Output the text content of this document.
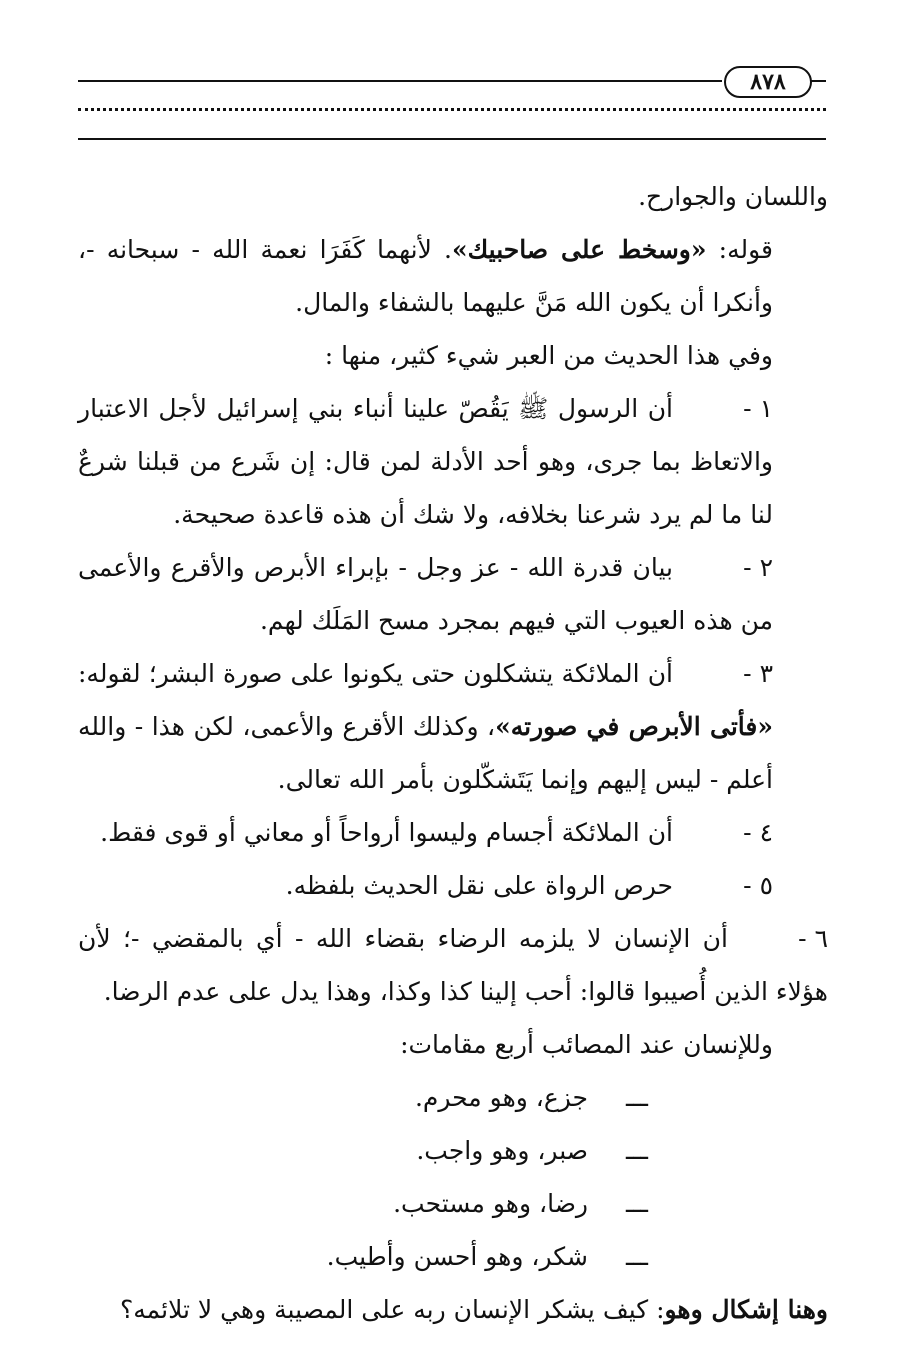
٨٧٨

واللسان والجوارح.

قوله: «وسخط على صاحبيك». لأنهما كَفَرَا نعمة الله - سبحانه -، وأنكرا أن يكون الله مَنَّ عليهما بالشفاء والمال.

وفي هذا الحديث من العبر شيء كثير، منها :

١ -أن الرسول ﷺ يَقُصّ علينا أنباء بني إسرائيل لأجل الاعتبار والاتعاظ بما جرى، وهو أحد الأدلة لمن قال: إن شَرع من قبلنا شرعٌ لنا ما لم يرد شرعنا بخلافه، ولا شك أن هذه قاعدة صحيحة.

٢ -بيان قدرة الله - عز وجل - بإبراء الأبرص والأقرع والأعمى من هذه العيوب التي فيهم بمجرد مسح المَلَك لهم.

٣ -أن الملائكة يتشكلون حتى يكونوا على صورة البشر؛ لقوله: «فأتى الأبرص في صورته»، وكذلك الأقرع والأعمى، لكن هذا - والله أعلم - ليس إليهم وإنما يَتَشكّلون بأمر الله تعالى.

٤ -أن الملائكة أجسام وليسوا أرواحاً أو معاني أو قوى فقط.

٥ -حرص الرواة على نقل الحديث بلفظه.

٦ -أن الإنسان لا يلزمه الرضاء بقضاء الله - أي بالمقضي -؛ لأن هؤلاء الذين أُصيبوا قالوا: أحب إلينا كذا وكذا، وهذا يدل على عدم الرضا.

وللإنسان عند المصائب أربع مقامات:

ـــجزع، وهو محرم.

ـــصبر، وهو واجب.

ـــرضا، وهو مستحب.

ـــشكر، وهو أحسن وأطيب.

وهنا إشكال وهو: كيف يشكر الإنسان ربه على المصيبة وهي لا تلائمه؟
